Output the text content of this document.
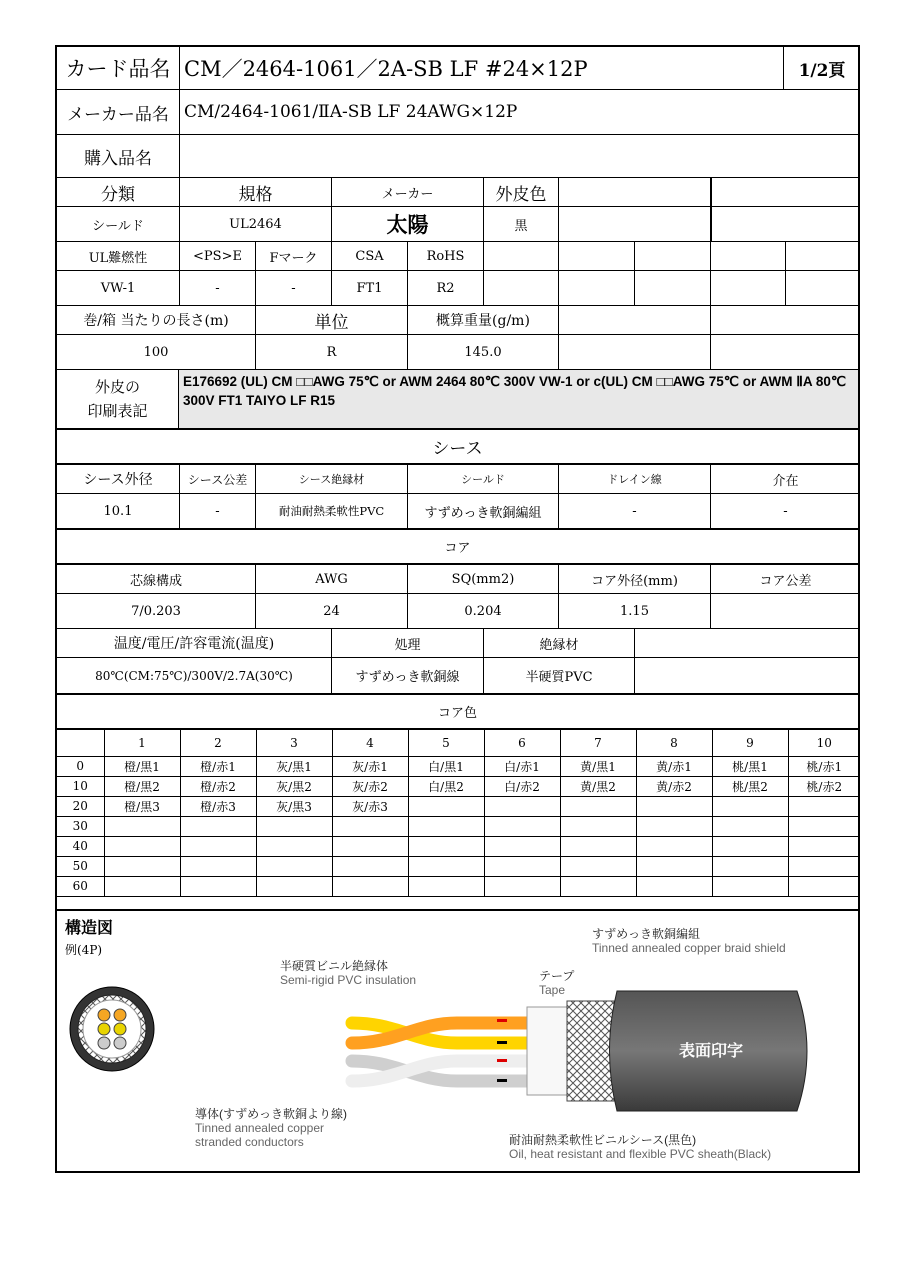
カード品名 CM／2464-1061／2A-SB LF #24×12P	1/2頁
メーカー品名 CM/2464-1061/ⅡA-SB LF 24AWG×12P
購入品名
分類	規格	メーカー	外皮色
シールド	UL2464	太陽	黒
UL難燃性	<PS>E	Fマーク	CSA	RoHS
VW-1	-	-	FT1	R2
巻/箱 当たりの長さ(m)	単位	概算重量(g/m)
100	R	145.0
外皮の
印刷表記
E176692 (UL) CM □□AWG 75℃ or AWM 2464 80℃ 300V VW-1 or c(UL) CM □□AWG 75℃ or AWM ⅡA 80℃ 300V FT1 TAIYO LF R15
シース
シース外径	シース公差	シース絶縁材	シールド	ドレイン線	介在
10.1	-	耐油耐熱柔軟性PVC	すずめっき軟銅編組	-	-
コア
芯線構成	AWG	SQ(mm2)	コア外径(mm)	コア公差
7/0.203	24	0.204	1.15
温度/電圧/許容電流(温度)	処理	絶縁材
80℃(CM:75℃)/300V/2.7A(30℃)	すずめっき軟銅線	半硬質PVC
コア色
	1	2	3	4	5	6	7	8	9	10
0	橙/黒1	橙/赤1	灰/黒1	灰/赤1	白/黒1	白/赤1	黄/黒1	黄/赤1	桃/黒1	桃/赤1
10	橙/黒2	橙/赤2	灰/黒2	灰/赤2	白/黒2	白/赤2	黄/黒2	黄/赤2	桃/黒2	桃/赤2
20	橙/黒3	橙/赤3	灰/黒3	灰/赤3						
30										
40										
50										
60										
構造図
例(4P)
すずめっき軟銅編組
Tinned annealed copper braid shield
半硬質ビニル絶縁体
Semi-rigid PVC insulation	テープ
Tape
導体(すずめっき軟銅より線)
Tinned annealed copper
stranded conductors	耐油耐熱柔軟性ビニルシース(黒色)
Oil, heat resistant and flexible PVC sheath(Black)
表面印字
